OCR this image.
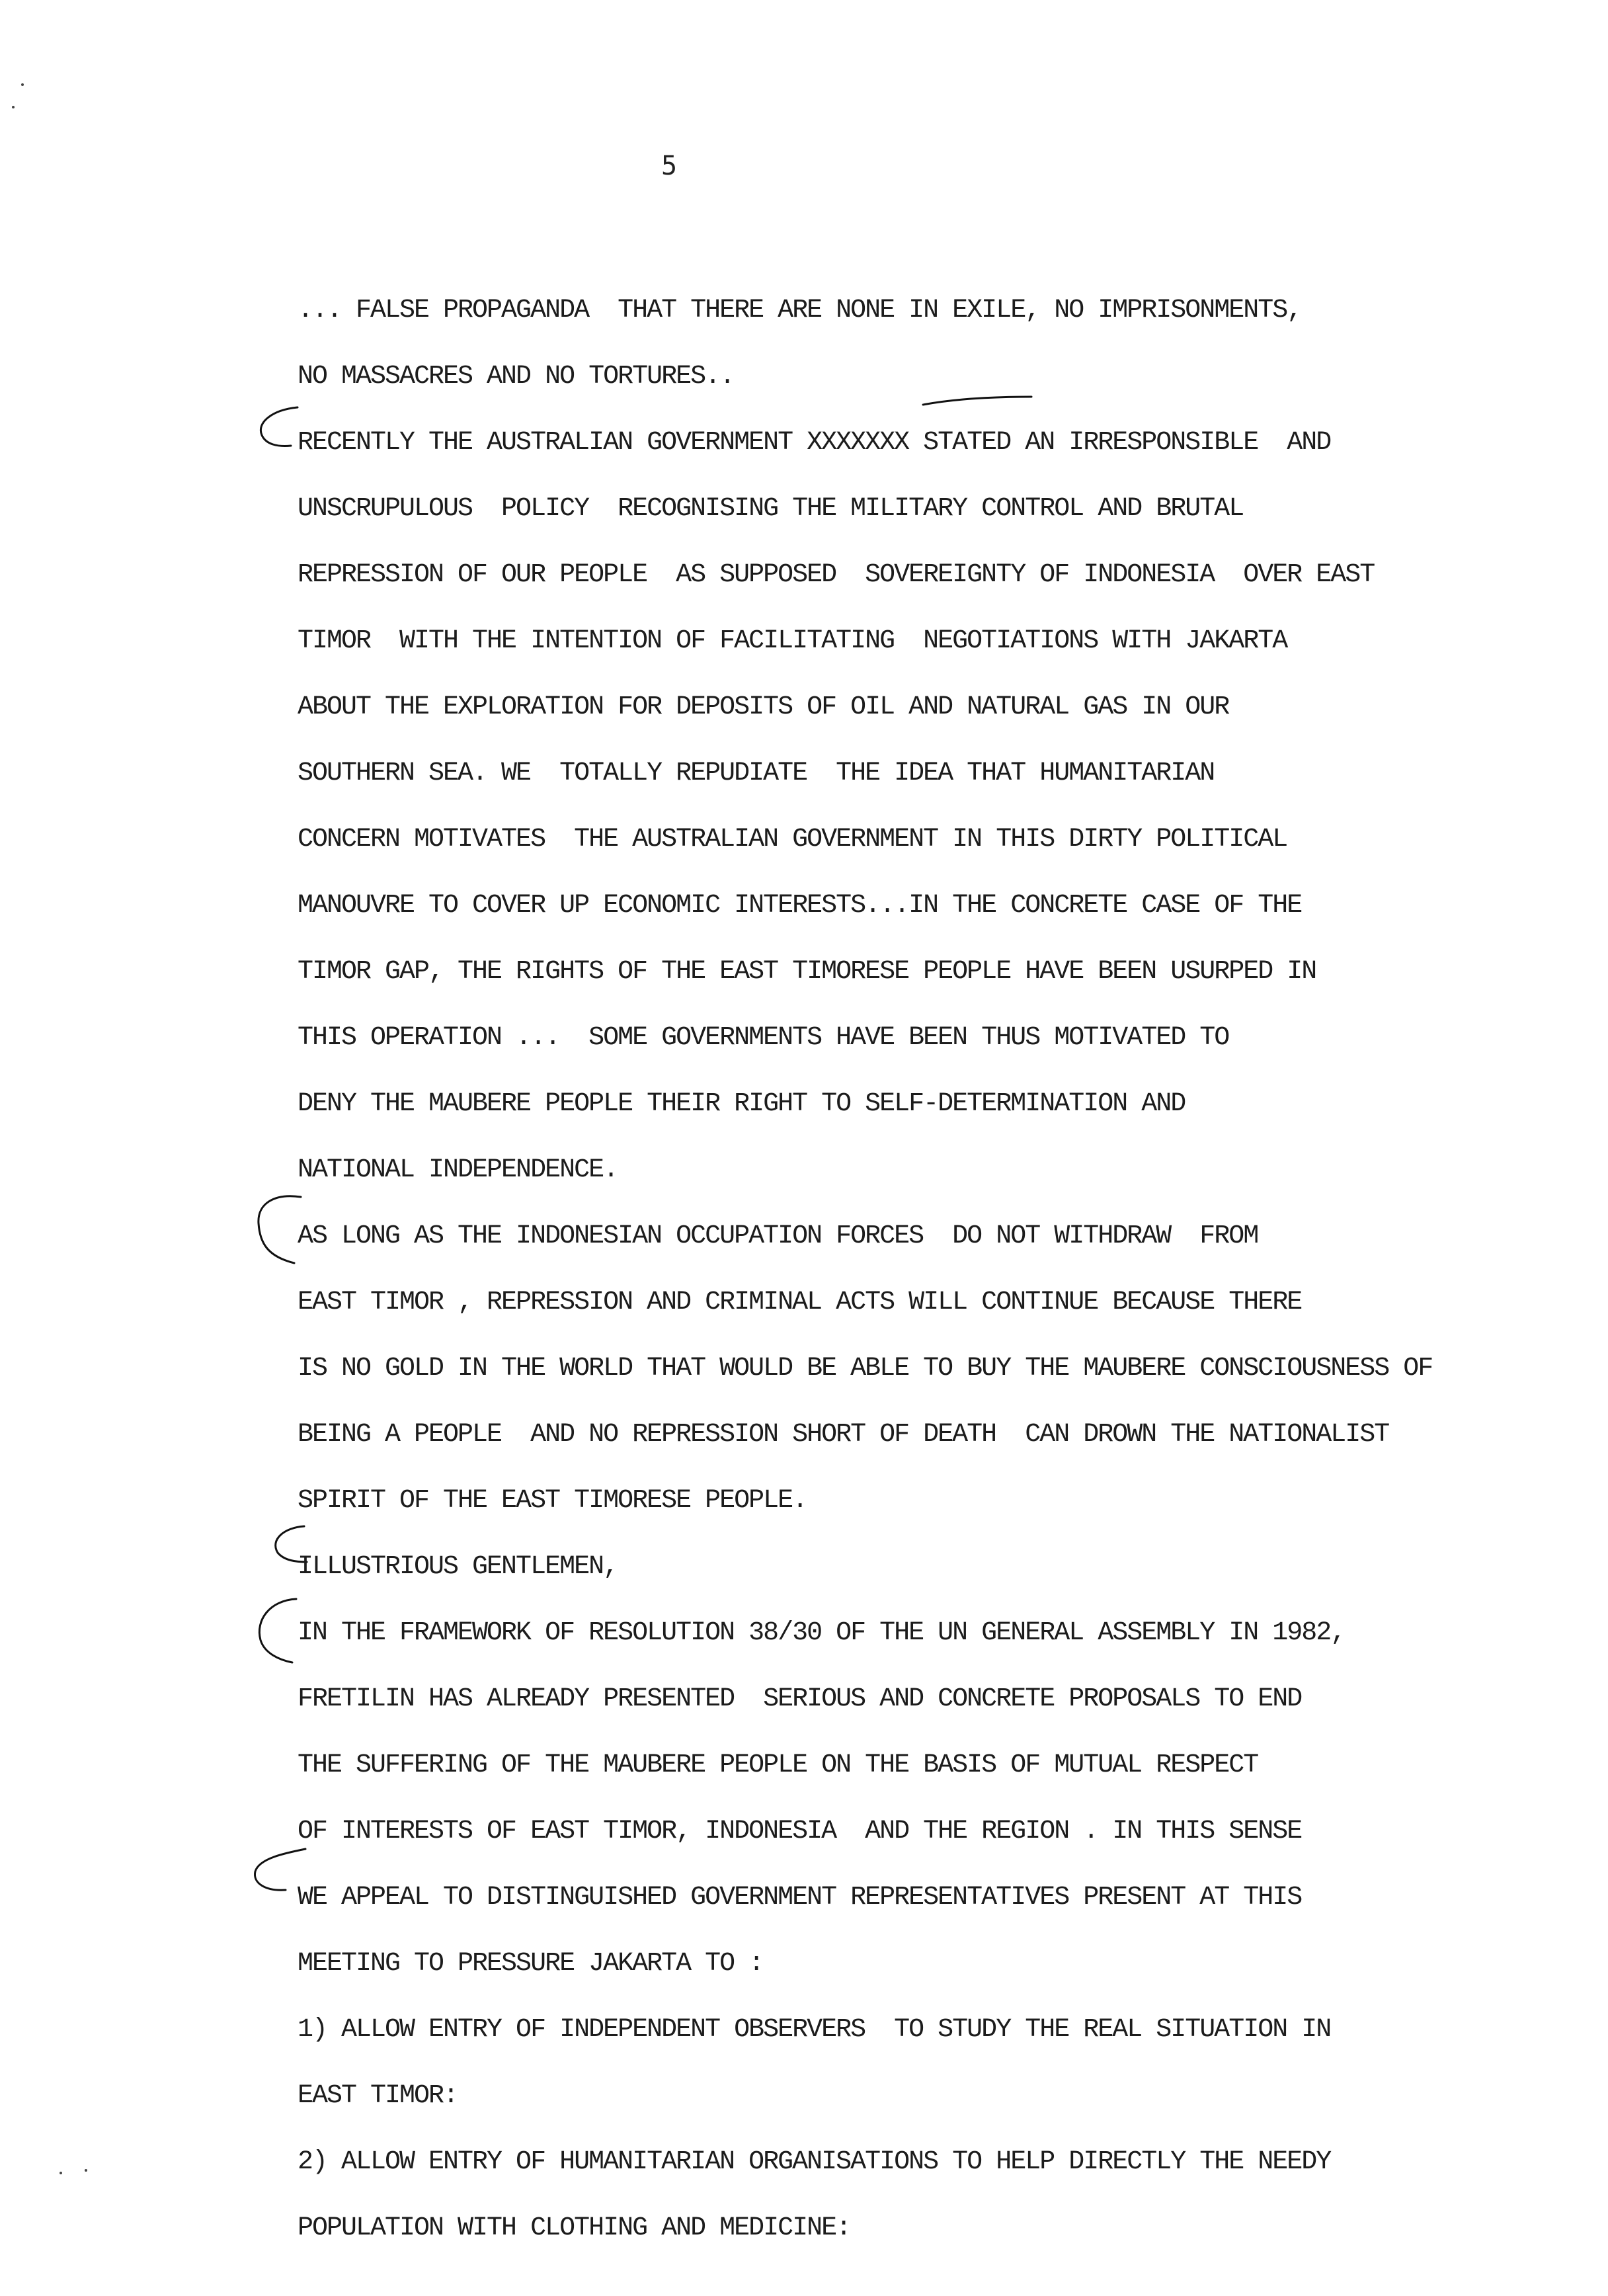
5
... FALSE PROPAGANDA  THAT THERE ARE NONE IN EXILE, NO IMPRISONMENTS,
NO MASSACRES AND NO TORTURES..
RECENTLY THE AUSTRALIAN GOVERNMENT XXXXXXX STATED AN IRRESPONSIBLE  AND
UNSCRUPULOUS  POLICY  RECOGNISING THE MILITARY CONTROL AND BRUTAL
REPRESSION OF OUR PEOPLE  AS SUPPOSED  SOVEREIGNTY OF INDONESIA  OVER EAST
TIMOR  WITH THE INTENTION OF FACILITATING  NEGOTIATIONS WITH JAKARTA
ABOUT THE EXPLORATION FOR DEPOSITS OF OIL AND NATURAL GAS IN OUR
SOUTHERN SEA. WE  TOTALLY REPUDIATE  THE IDEA THAT HUMANITARIAN
CONCERN MOTIVATES  THE AUSTRALIAN GOVERNMENT IN THIS DIRTY POLITICAL
MANOUVRE TO COVER UP ECONOMIC INTERESTS...IN THE CONCRETE CASE OF THE
TIMOR GAP, THE RIGHTS OF THE EAST TIMORESE PEOPLE HAVE BEEN USURPED IN
THIS OPERATION ...  SOME GOVERNMENTS HAVE BEEN THUS MOTIVATED TO
DENY THE MAUBERE PEOPLE THEIR RIGHT TO SELF-DETERMINATION AND
NATIONAL INDEPENDENCE.
AS LONG AS THE INDONESIAN OCCUPATION FORCES  DO NOT WITHDRAW  FROM
EAST TIMOR , REPRESSION AND CRIMINAL ACTS WILL CONTINUE BECAUSE THERE
IS NO GOLD IN THE WORLD THAT WOULD BE ABLE TO BUY THE MAUBERE CONSCIOUSNESS OF
BEING A PEOPLE  AND NO REPRESSION SHORT OF DEATH  CAN DROWN THE NATIONALIST
SPIRIT OF THE EAST TIMORESE PEOPLE.
ILLUSTRIOUS GENTLEMEN,
IN THE FRAMEWORK OF RESOLUTION 38/30 OF THE UN GENERAL ASSEMBLY IN 1982,
FRETILIN HAS ALREADY PRESENTED  SERIOUS AND CONCRETE PROPOSALS TO END
THE SUFFERING OF THE MAUBERE PEOPLE ON THE BASIS OF MUTUAL RESPECT
OF INTERESTS OF EAST TIMOR, INDONESIA  AND THE REGION . IN THIS SENSE
WE APPEAL TO DISTINGUISHED GOVERNMENT REPRESENTATIVES PRESENT AT THIS
MEETING TO PRESSURE JAKARTA TO :
1) ALLOW ENTRY OF INDEPENDENT OBSERVERS  TO STUDY THE REAL SITUATION IN
EAST TIMOR:
2) ALLOW ENTRY OF HUMANITARIAN ORGANISATIONS TO HELP DIRECTLY THE NEEDY
POPULATION WITH CLOTHING AND MEDICINE:
